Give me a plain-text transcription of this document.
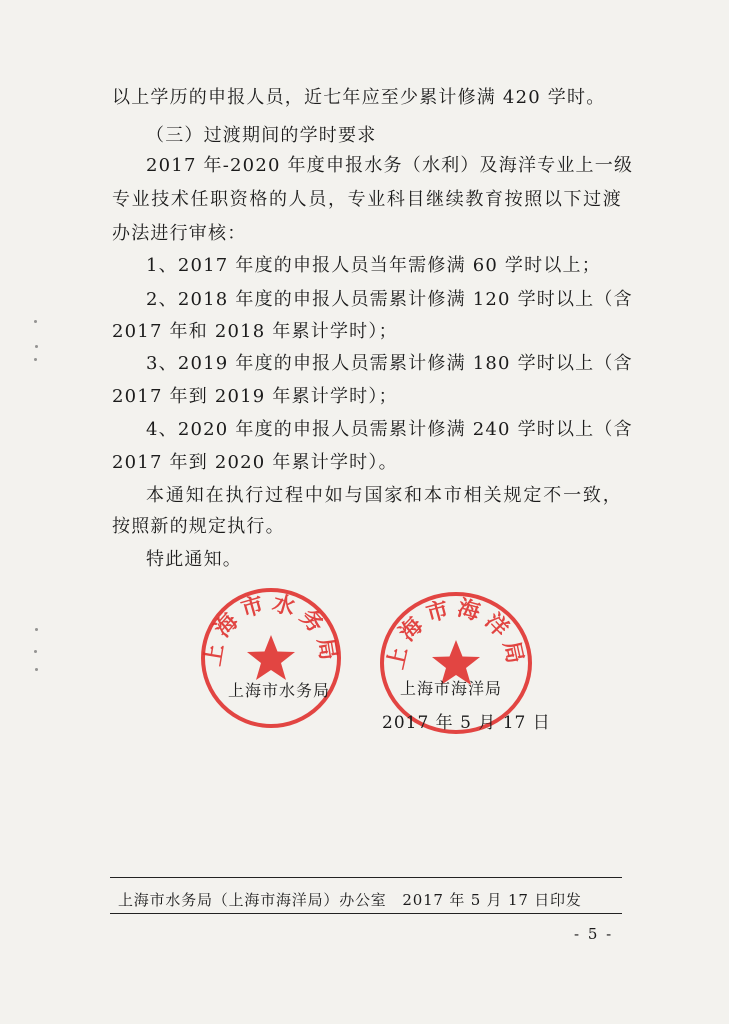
以上学历的申报人员，近七年应至少累计修满 420 学时。
（三）过渡期间的学时要求
2017 年-2020 年度申报水务（水利）及海洋专业上一级
专业技术任职资格的人员，专业科目继续教育按照以下过渡
办法进行审核：
1、2017 年度的申报人员当年需修满 60 学时以上；
2、2018 年度的申报人员需累计修满 120 学时以上（含
2017 年和 2018 年累计学时）；
3、2019 年度的申报人员需累计修满 180 学时以上（含
2017 年到 2019 年累计学时）；
4、2020 年度的申报人员需累计修满 240 学时以上（含
2017 年到 2020 年累计学时）。
本通知在执行过程中如与国家和本市相关规定不一致，
按照新的规定执行。
特此通知。
上海市水务局 上海市海洋局
上海市水务局	上海市海洋局
2017 年 5 月 17 日
上海市水务局（上海市海洋局）办公室　2017 年 5 月 17 日印发
- 5 -
